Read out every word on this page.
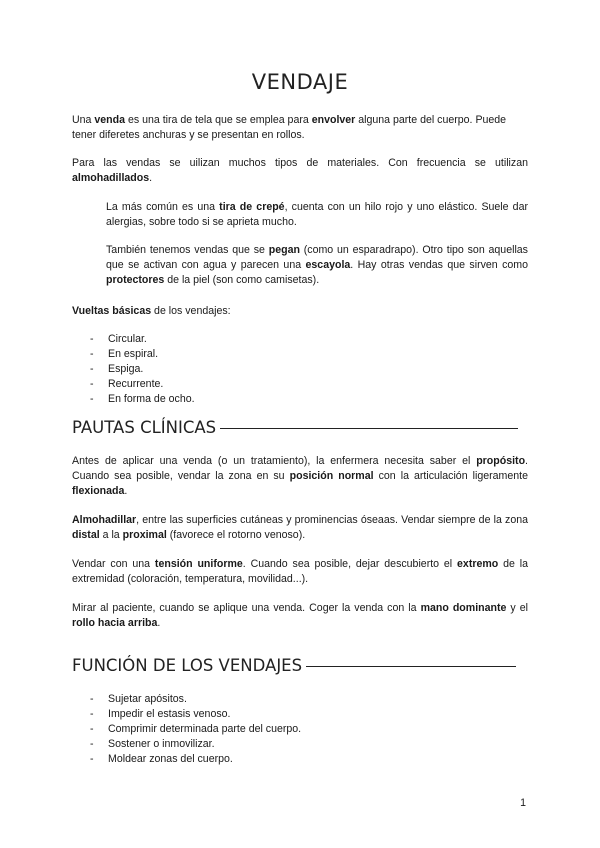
VENDAJE

Una venda es una tira de tela que se emplea para envolver alguna parte del cuerpo. Puede tener diferetes anchuras y se presentan en rollos.

Para las vendas se uilizan muchos tipos de materiales. Con frecuencia se utilizan almohadillados.

La más común es una tira de crepé, cuenta con un hilo rojo y uno elástico. Suele dar alergias, sobre todo si se aprieta mucho.

También tenemos vendas que se pegan (como un esparadrapo). Otro tipo son aquellas que se activan con agua y parecen una escayola. Hay otras vendas que sirven como protectores de la piel (son como camisetas).

Vueltas básicas de los vendajes:

- Circular.
- En espiral.
- Espiga.
- Recurrente.
- En forma de ocho.
PAUTAS CLÍNICAS

Antes de aplicar una venda (o un tratamiento), la enfermera necesita saber el propósito. Cuando sea posible, vendar la zona en su posición normal con la articulación ligeramente flexionada.

Almohadillar, entre las superficies cutáneas y prominencias óseaas. Vendar siempre de la zona distal a la proximal (favorece el rotorno venoso).

Vendar con una tensión uniforme. Cuando sea posible, dejar descubierto el extremo de la extremidad (coloración, temperatura, movilidad...).

Mirar al paciente, cuando se aplique una venda. Coger la venda con la mano dominante y el rollo hacia arriba.

FUNCIÓN DE LOS VENDAJES
- Sujetar apósitos.
- Impedir el estasis venoso.
- Comprimir determinada parte del cuerpo.
- Sostener o inmovilizar.
- Moldear zonas del cuerpo.
1
